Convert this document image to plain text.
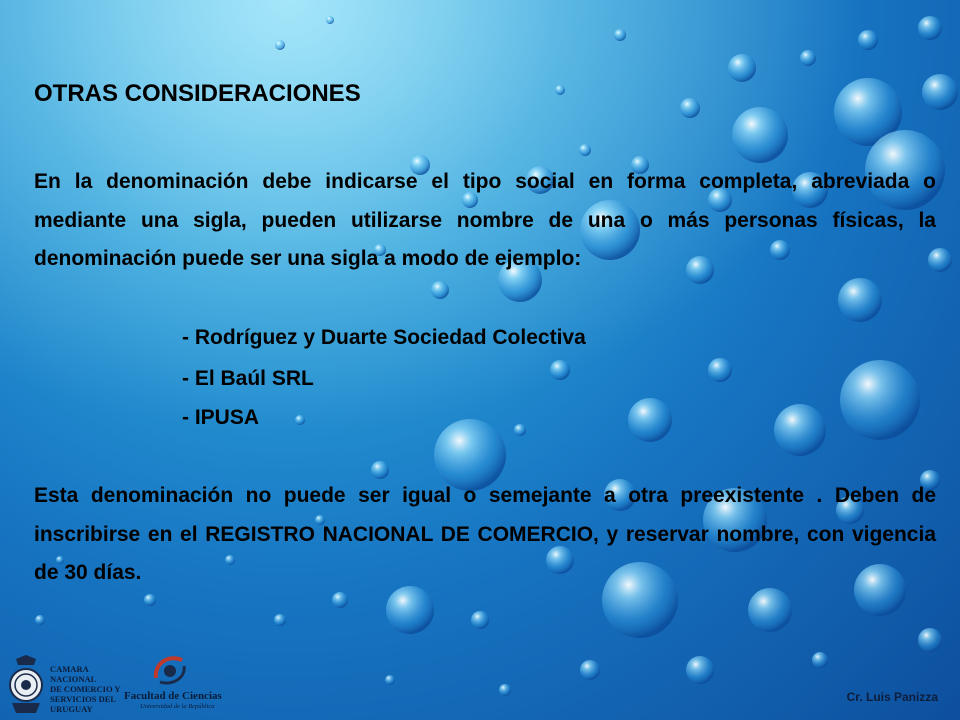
OTRAS CONSIDERACIONES

En la denominación debe indicarse el tipo social en forma completa, abreviada o mediante una sigla, pueden utilizarse nombre de una o más personas físicas, la denominación puede ser una sigla a modo de ejemplo:

- Rodríguez y Duarte Sociedad Colectiva
- El Baúl SRL
- IPUSA

Esta denominación no puede ser igual o semejante a otra preexistente . Deben de inscribirse en el REGISTRO NACIONAL DE COMERCIO, y reservar nombre, con vigencia de 30 días.

CAMARA NACIONAL
DE COMERCIO Y
SERVICIOS DEL
URUGUAY
Facultad de Ciencias
Universidad de la República
Cr. Luis Panizza
